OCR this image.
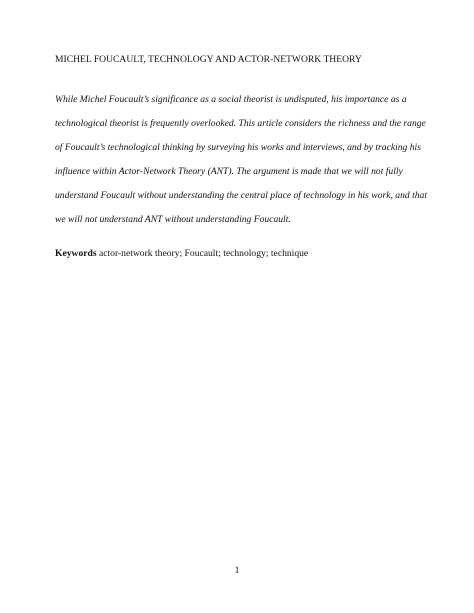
MICHEL FOUCAULT, TECHNOLOGY AND ACTOR-NETWORK THEORY
While Michel Foucault’s significance as a social theorist is undisputed, his importance as a
technological theorist is frequently overlooked. This article considers the richness and the range
of Foucault’s technological thinking by surveying his works and interviews, and by tracking his
influence within Actor-Network Theory (ANT). The argument is made that we will not fully
understand Foucault without understanding the central place of technology in his work, and that
we will not understand ANT without understanding Foucault.
Keywords actor-network theory; Foucault; technology; technique
1
